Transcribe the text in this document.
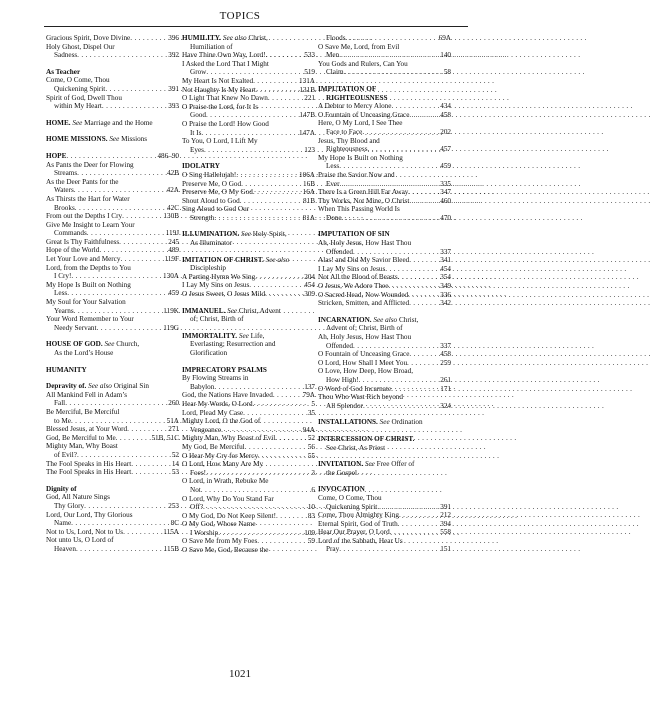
TOPICS
Gracious Spirit, Dove Divine . . .	396
Holy Ghost, Dispel Our
Sadness . . .	392
As Teacher
Come, O Come, Thou
Quickening Spirit . . .	391
Spirit of God, Dwell Thou
within My Heart . . .	393
HOME. See Marriage and the Home
HOME MISSIONS. See Missions
HOPE . . .	486–90
As Pants the Deer for Flowing
Streams . . .	42B
As the Deer Pants for the
Waters . . .	42A
As Thirsts the Hart for Water
Brooks . . .	42C
From out the Depths I Cry . . .	130B
Give Me Insight to Learn Your
Commands . . .	119J
Great Is Thy Faithfulness . . .	245
Hope of the World . . .	489
Let Your Love and Mercy . . .	119F
Lord, from the Depths to You
I Cry! . . .	130A
My Hope Is Built on Nothing
Less . . .	459
My Soul for Your Salvation
Yearns . . .	119K
Your Word Remember to Your
Needy Servant . . .	119G
HOUSE OF GOD. See Church,
As the Lord’s House
HUMANITY
Depravity of. See also Original Sin
All Mankind Fell in Adam’s
Fall . . .	260
Be Merciful, Be Merciful
to Me . . .	51A
Blessed Jesus, at Your Word . . .	271
God, Be Merciful to Me . . .	51B, 51C
Mighty Man, Why Boast
of Evil? . . .	52
The Fool Speaks in His Heart . . .	14
The Fool Speaks in His Heart . . .	53
Dignity of
God, All Nature Sings
Thy Glory . . .	253
Lord, Our Lord, Thy Glorious
Name . . .	8C
Not to Us, Lord, Not to Us . . .	115A
Not unto Us, O Lord of
Heaven . . .	115B
HUMILITY. See also Christ,
Humiliation of
Have Thine Own Way, Lord! . . .	533
I Asked the Lord That I Might
Grow . . .	519
My Heart Is Not Exalted . . .	131A
Not Haughty Is My Heart . . .	131B
O Light That Knew No Dawn . . .	221
O Praise the Lord, for It Is
Good . . .	147B
O Praise the Lord! How Good
It Is . . .	147A
To You, O Lord, I Lift My
Eyes . . .	123
IDOLATRY
O Sing Hallelujah! . . .	106A
Preserve Me, O God . . .	16B
Preserve Me, O My God . . .	16A
Shout Aloud to God . . .	81B
Sing Aloud to God Our
Strength . . .	81A
ILLUMINATION. See Holy Spirit,
As Illuminator
IMITATION OF CHRIST. See also
Discipleship
A Parting Hymn We Sing . . .	204
I Lay My Sins on Jesus . . .	454
O Jesus Sweet, O Jesus Mild . . .	309
IMMANUEL. See Christ, Advent
of; Christ, Birth of
IMMORTALITY. See Life,
Everlasting; Resurrection and
Glorification
IMPRECATORY PSALMS
By Flowing Streams in
Babylon . . .	137
God, the Nations Have Invaded . . .	79A
Hear My Words, O Lord . . .	5
Lord, Plead My Case . . .	35
Mighty Lord, O the God of
Vengeance . . .	94A
Mighty Man, Why Boast of Evil . . .	52
My God, Be Merciful . . .	56
O Hear My Cry for Mercy . . .	55
O Lord, How Many Are My
Foes! . . .	3
O Lord, in Wrath, Rebuke Me
Not . . .	6
O Lord, Why Do You Stand Far
Off? . . .	10
O My God, Do Not Keep Silent! . . .	83
O My God, Whose Name
I Worship . . .	109
O Save Me from My Foes . . .	59
O Save Me, God, Because the
Floods . . .	69A
O Save Me, Lord, from Evil
Men . . .	140
You Gods and Rulers, Can You
Claim . . .	58
IMPUTATION OF
RIGHTEOUSNESS
A Debtor to Mercy Alone . . .	434
O Fountain of Unceasing Grace . . .	458
Here, O My Lord, I See Thee
Face to Face . . .	202
Jesus, Thy Blood and
Righteousness . . .	457
My Hope Is Built on Nothing
Less . . .	459
Praise the Savior Now and
Ever . . .	335
There Is a Green Hill Far Away . . .	347
Thy Works, Not Mine, O Christ . . .	460
When This Passing World Is
Done . . .	470
IMPUTATION OF SIN
Ah, Holy Jesus, How Hast Thou
Offended . . .	337
Alas! and Did My Savior Bleed . . .	341
I Lay My Sins on Jesus . . .	454
Not All the Blood of Beasts . . .	354
O Jesus, We Adore Thee . . .	349
O Sacred Head, Now Wounded . . .	336
Stricken, Smitten, and Afflicted . . .	342
INCARNATION. See also Christ,
Advent of; Christ, Birth of
Ah, Holy Jesus, How Hast Thou
Offended . . .	337
O Fountain of Unceasing Grace . . .	458
O Lord, How Shall I Meet You . . .	259
O Love, How Deep, How Broad,
How High! . . .	261
O Word of God Incarnate . . .	171
Thou Who Wast Rich beyond
All Splendor . . .	324
INSTALLATIONS. See Ordination
INTERCESSION OF CHRIST.
See Christ, As Priest
INVITATION. See Free Offer of
the Gospel
INVOCATION
Come, O Come, Thou
Quickening Spirit . . .	391
Come, Thou Almighty King . . .	212
Eternal Spirit, God of Truth . . .	394
Hear Our Prayer, O Lord . . .	558
Lord of the Sabbath, Hear Us
Pray . . .	151
1021
